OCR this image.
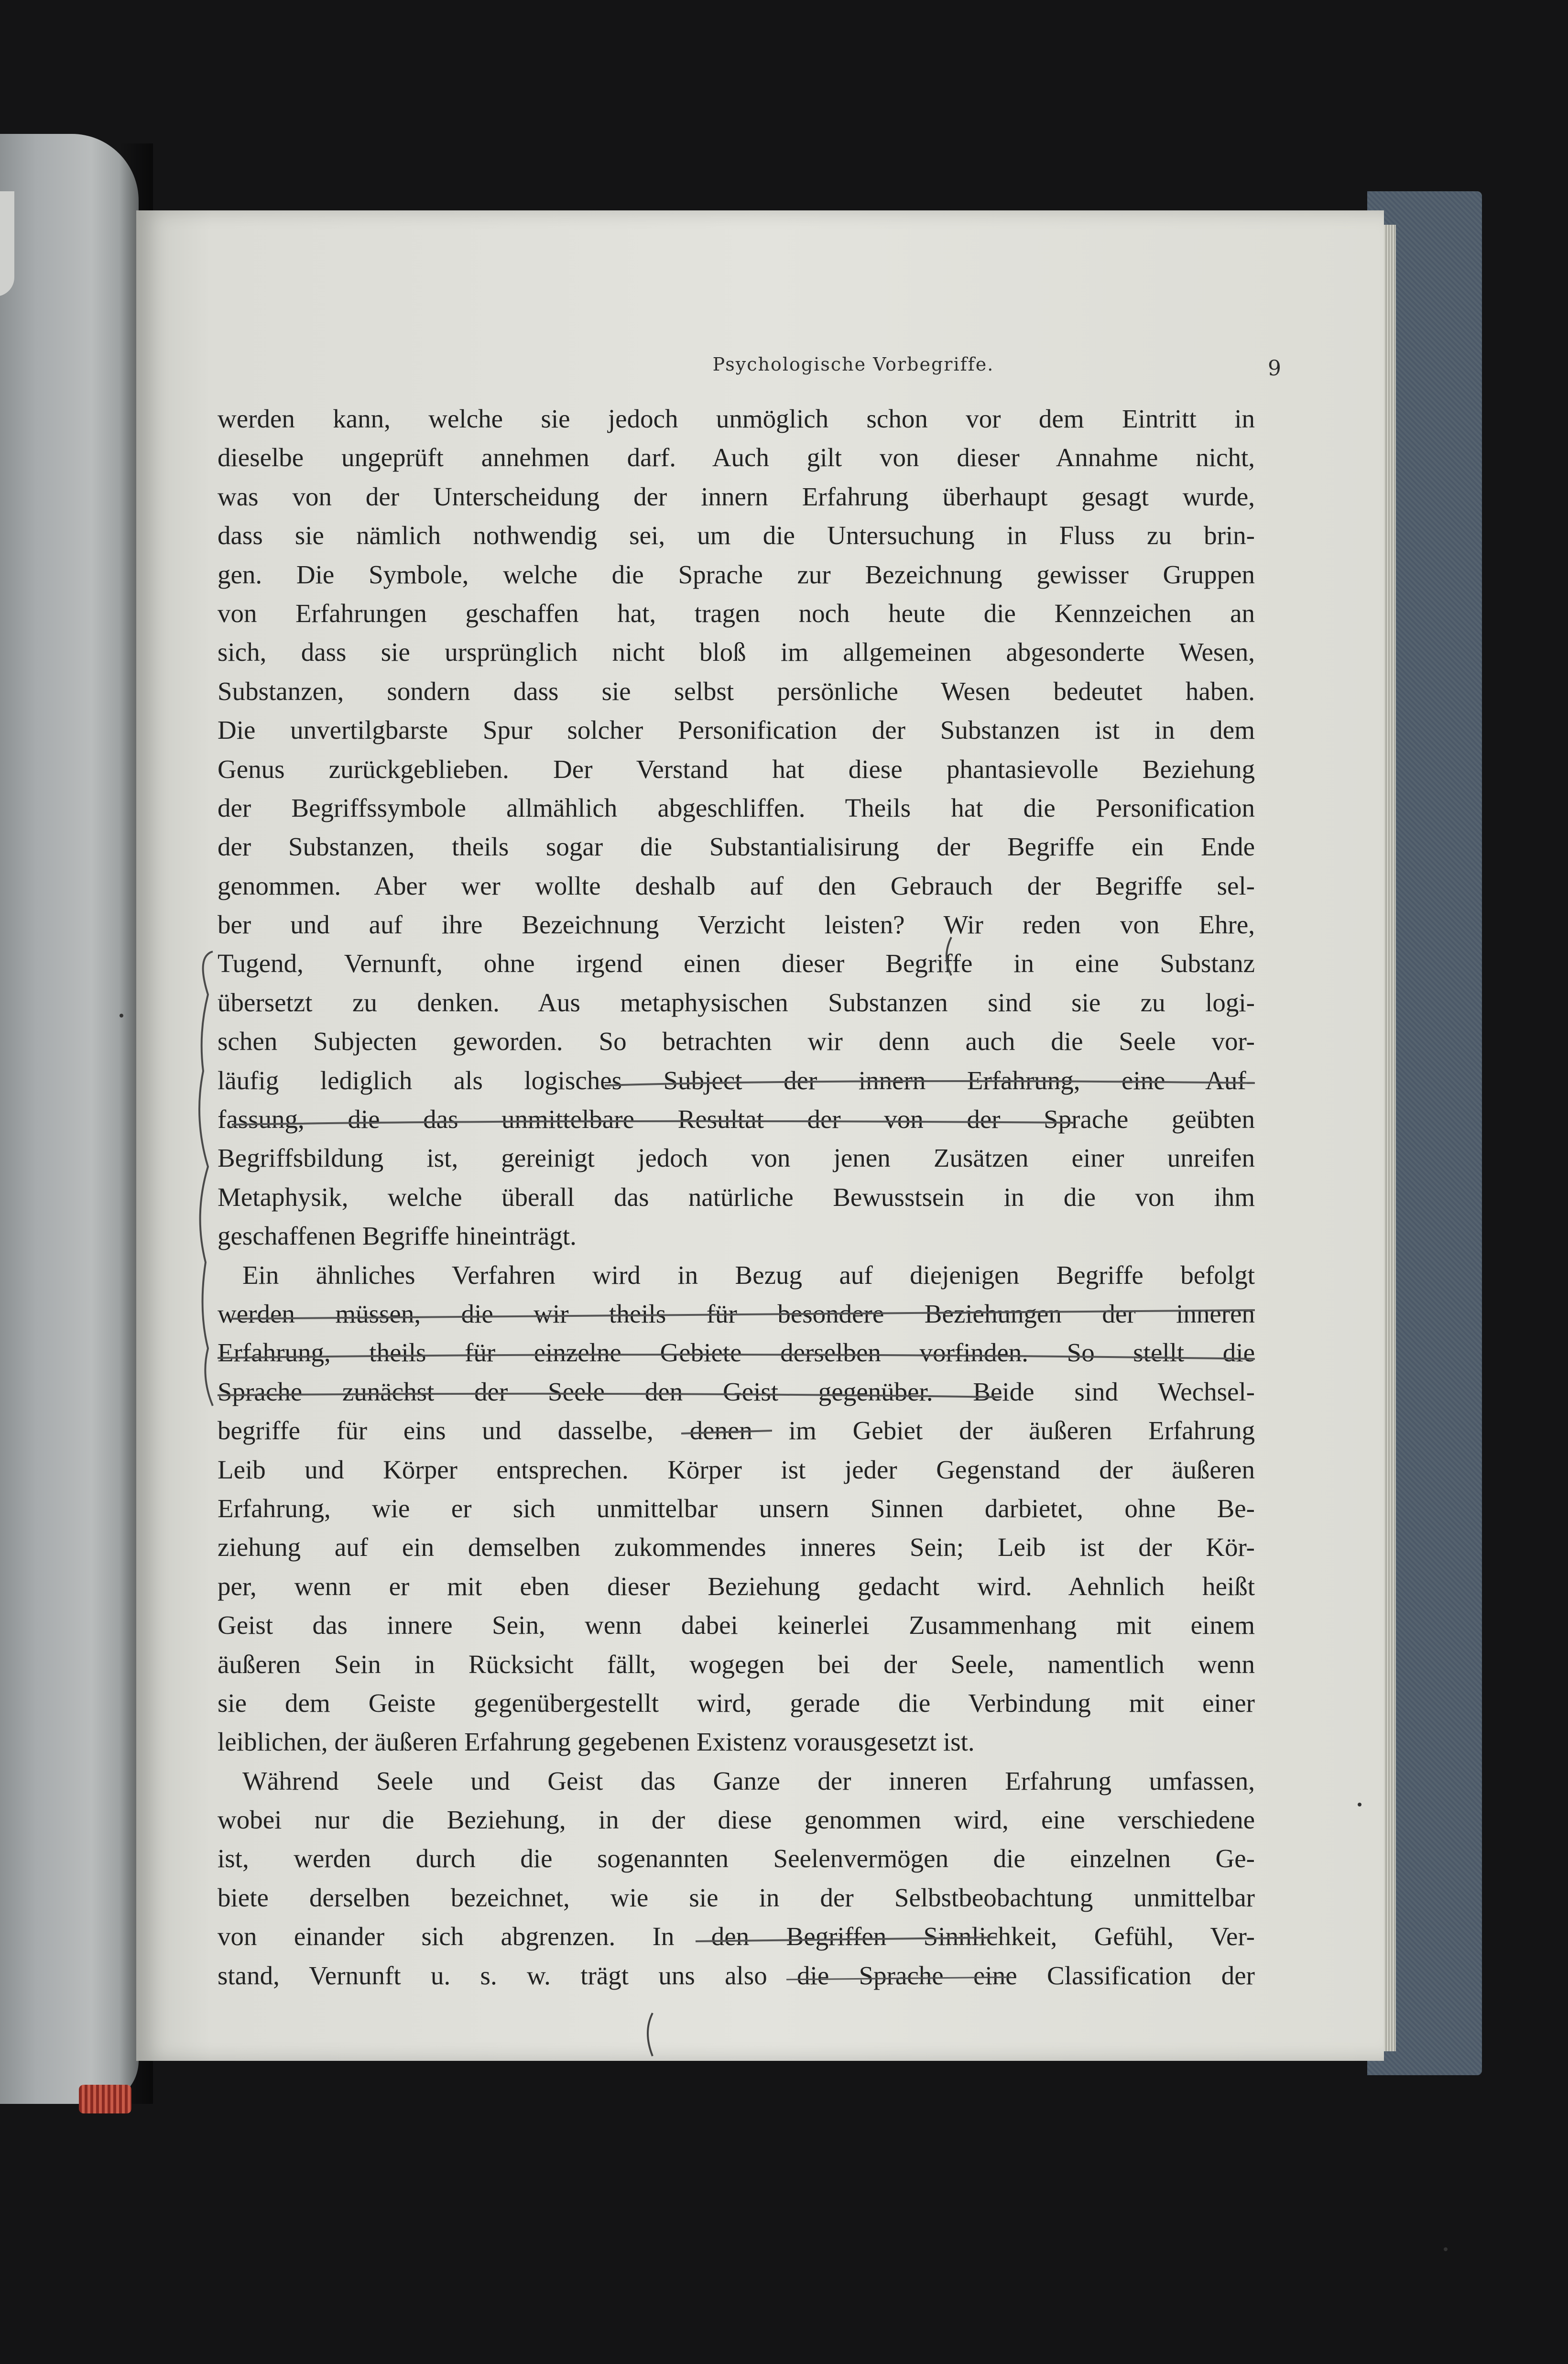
Psychologische Vorbegriffe.	9
werden kann, welche sie jedoch unmöglich schon vor dem Eintritt in
dieselbe ungeprüft annehmen darf. Auch gilt von dieser Annahme nicht,
was von der Unterscheidung der innern Erfahrung überhaupt gesagt wurde,
dass sie nämlich nothwendig sei, um die Untersuchung in Fluss zu brin-
gen. Die Symbole, welche die Sprache zur Bezeichnung gewisser Gruppen
von Erfahrungen geschaffen hat, tragen noch heute die Kennzeichen an
sich, dass sie ursprünglich nicht bloß im allgemeinen abgesonderte Wesen,
Substanzen, sondern dass sie selbst persönliche Wesen bedeutet haben.
Die unvertilgbarste Spur solcher Personification der Substanzen ist in dem
Genus zurückgeblieben. Der Verstand hat diese phantasievolle Beziehung
der Begriffssymbole allmählich abgeschliffen. Theils hat die Personification
der Substanzen, theils sogar die Substantialisirung der Begriffe ein Ende
genommen. Aber wer wollte deshalb auf den Gebrauch der Begriffe sel-
ber und auf ihre Bezeichnung Verzicht leisten? Wir reden von Ehre,
Tugend, Vernunft, ohne irgend einen dieser Begriffe in eine Substanz
übersetzt zu denken. Aus metaphysischen Substanzen sind sie zu logi-
schen Subjecten geworden. So betrachten wir denn auch die Seele vor-
läufig lediglich als logisches Subject der innern Erfahrung, eine Auf-
fassung, die das unmittelbare Resultat der von der Sprache geübten
Begriffsbildung ist, gereinigt jedoch von jenen Zusätzen einer unreifen
Metaphysik, welche überall das natürliche Bewusstsein in die von ihm
geschaffenen Begriffe hineinträgt.
Ein ähnliches Verfahren wird in Bezug auf diejenigen Begriffe befolgt
werden müssen, die wir theils für besondere Beziehungen der inneren
Erfahrung, theils für einzelne Gebiete derselben vorfinden. So stellt die
Sprache zunächst der Seele den Geist gegenüber. Beide sind Wechsel-
begriffe für eins und dasselbe, denen im Gebiet der äußeren Erfahrung
Leib und Körper entsprechen. Körper ist jeder Gegenstand der äußeren
Erfahrung, wie er sich unmittelbar unsern Sinnen darbietet, ohne Be-
ziehung auf ein demselben zukommendes inneres Sein; Leib ist der Kör-
per, wenn er mit eben dieser Beziehung gedacht wird. Aehnlich heißt
Geist das innere Sein, wenn dabei keinerlei Zusammenhang mit einem
äußeren Sein in Rücksicht fällt, wogegen bei der Seele, namentlich wenn
sie dem Geiste gegenübergestellt wird, gerade die Verbindung mit einer
leiblichen, der äußeren Erfahrung gegebenen Existenz vorausgesetzt ist.
Während Seele und Geist das Ganze der inneren Erfahrung umfassen,
wobei nur die Beziehung, in der diese genommen wird, eine verschiedene
ist, werden durch die sogenannten Seelenvermögen die einzelnen Ge-
biete derselben bezeichnet, wie sie in der Selbstbeobachtung unmittelbar
von einander sich abgrenzen. In den Begriffen Sinnlichkeit, Gefühl, Ver-
stand, Vernunft u. s. w. trägt uns also die Sprache eine Classification der
